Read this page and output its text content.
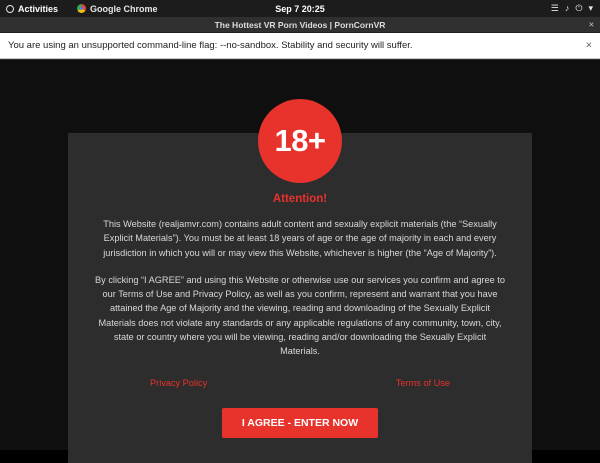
Activities	Google Chrome	Sep 7 20:25	☰ ♪ ⏻ ▾
The Hottest VR Porn Videos | PornCornVR	×
You are using an unsupported command-line flag: --no-sandbox. Stability and security will suffer.	×
18+
Attention!

This Website (realjamvr.com) contains adult content and sexually explicit materials (the “Sexually Explicit Materials”). You must be at least 18 years of age or the age of majority in each and every jurisdiction in which you will or may view this Website, whichever is higher (the “Age of Majority”).

By clicking “I AGREE” and using this Website or otherwise use our services you confirm and agree to our Terms of Use and Privacy Policy, as well as you confirm, represent and warrant that you have attained the Age of Majority and the viewing, reading and downloading of the Sexually Explicit Materials does not violate any standards or any applicable regulations of any community, town, city, state or country where you will be viewing, reading and/or downloading the Sexually Explicit Materials.

Privacy Policy	Terms of Use
I AGREE - ENTER NOW
